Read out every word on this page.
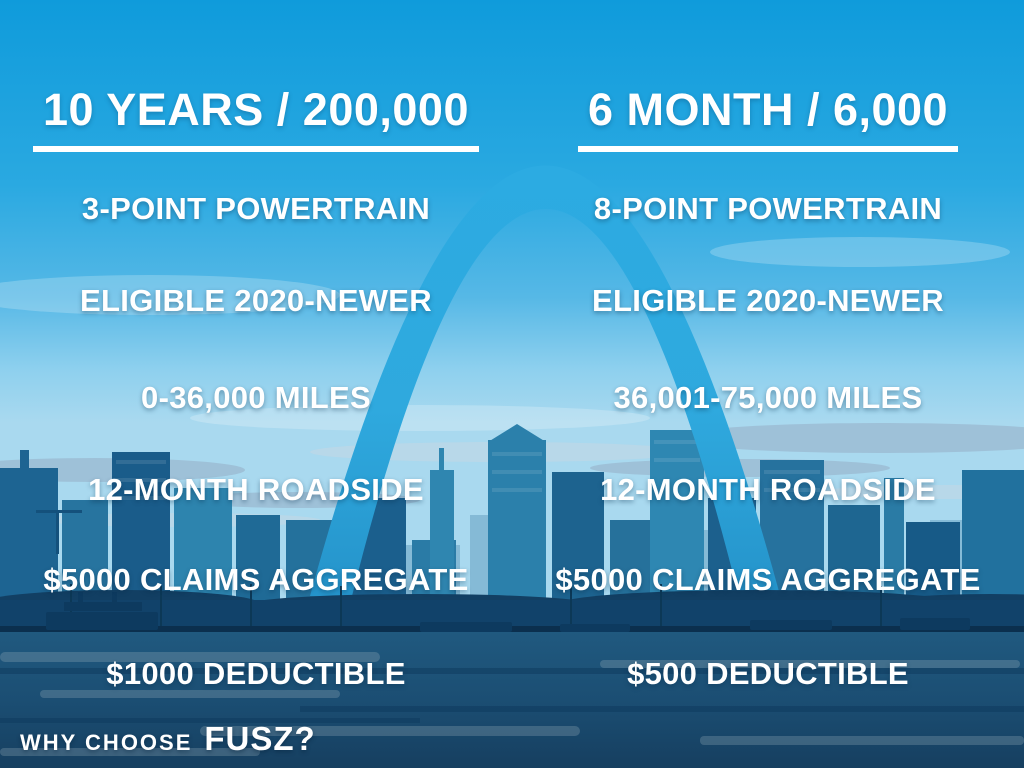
10 YEARS / 200,000

3-POINT POWERTRAIN

ELIGIBLE 2020-NEWER

0-36,000 MILES

12-MONTH ROADSIDE

$5000 CLAIMS AGGREGATE

$1000 DEDUCTIBLE

6 MONTH / 6,000

8-POINT POWERTRAIN

ELIGIBLE 2020-NEWER

36,001-75,000 MILES

12-MONTH ROADSIDE

$5000 CLAIMS AGGREGATE

$500 DEDUCTIBLE

WHY CHOOSE FUSZ?
